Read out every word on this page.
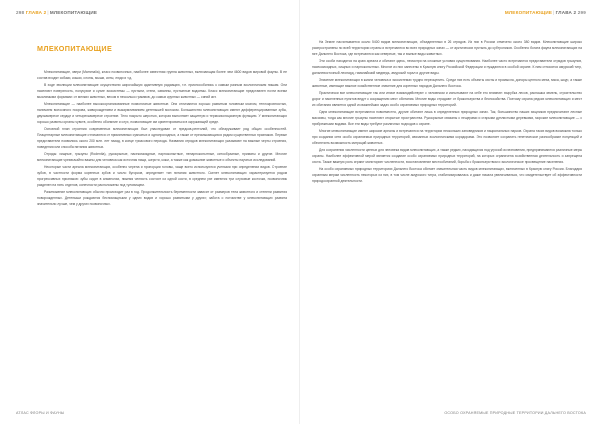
298 ГЛАВА 2|МЛЕКОПИТАЮЩИЕ
МЛЕКОПИТАЮЩИЕ

Млекопитающие, звери (Mammalia), класс позвоночных, наиболее известная группа животных, включающая более чем 4600 видов мировой фауны. В ее состав входят собаки, кошки, слоны, мыши, киты, люди и т.д.

В ходе эволюции млекопитающие осуществили широчайшую адаптивную радиацию, т.е. приспособились к самым разным экологическим нишам. Они населяют поверхность, полусухие и сухие экосистемы — пустыни, степи, саванны, пустынные водоемы. Класс млекопитающие представлен почти всеми мыслимыми формами: от мелких животных, весом в несколько граммов, до самых крупных животных — синий кит.

Млекопитающие — наиболее высокоорганизованные позвоночные животные. Они отличаются хорошо развитым головным мозгом, теплокровностью, наличием волосяного покрова, живорождением и выкармливанием детенышей молоком. Большинство млекопитающих имеют дифференцированные зубы, двухкамерное сердце и четырехкамерное строение. Тело покрыто шерстью, которая выполняет защитную и термоизоляционную функцию. У млекопитающих хорошо развиты органы чувств, особенно обоняние и слух, позволяющие им ориентироваться в окружающей среде.

Основной план строения современных млекопитающих был унаследован от предков-рептилий, что обнаруживает ряд общих особенностей. Плацентарные млекопитающие отличаются от примитивных сумчатых и однопроходных, а также от пресмыкающихся рядом существенных признаков. Первые представители появились около 200 млн. лет назад, в конце триасового периода. Названия отрядов млекопитающих указывают на важные черты строения, поведения или способа питания животных.

Отряды: хищные, грызуны (Rodentia), рукокрылые, насекомоядные, парнокопытные, непарнокопытные, китообразные, приматы и другие. Многие млекопитающие чрезвычайно важны для человека как источник пищи, шерсти, кожи, а также как домашние животные и объекты научных исследований.

Некоторые части ареала млекопитающих, особенно черепа и пропорции головы, чаще всего используются учеными при определении видов. Строение зубов, в частности форма коренных зубов и число бугорков, определяет тип питания животного. Скелет млекопитающих характеризуется рядом прогрессивных признаков: зубы сидят в альвеолах, нижняя челюсть состоит из одной кости, в среднем ухе имеются три слуховые косточки, позвоночник разделен на пять отделов, конечности расположены под туловищем.

Размножение млекопитающих обычно происходит раз в год. Продолжительность беременности зависит от размеров тела животного и степени развития новорожденных. Детеныши рождаются беспомощными у одних видов и хорошо развитыми у других; забота о потомстве у млекопитающих развита значительно лучше, чем у других позвоночных.

АТЛАС ФЛОРЫ И ФАУНЫ
МЛЕКОПИТАЮЩИЕ|ГЛАВА 2 299

На Земле насчитывается около 5400 видов млекопитающих, объединенных в 26 отрядов. Из них в России отмечено около 380 видов. Млекопитающие широко распространены по всей территории страны и встречаются во всех природных зонах — от арктических пустынь до субтропиков. Особенно богата фауна млекопитающих на юге Дальнего Востока, где встречаются как северные, так и южные виды животных.

Эти особи находятся на краю ареала и обитают здесь, несмотря на сложные условия существования. Наиболее часто встречаются представители отрядов грызунов, насекомоядных, хищных и парнокопытных. Многие из них занесены в Красную книгу Российской Федерации и нуждаются в особой охране. К ним относятся амурский тигр, дальневосточный леопард, гималайский медведь, амурский горал и другие виды.

Значение млекопитающих в жизни человека и экосистемах трудно переоценить. Среди них есть объекты охоты и промысла, доноры ценного меха, мяса, шкур, а также животные, имеющие важное хозяйственное значение для коренных народов Дальнего Востока.

Практически все млекопитающие так или иначе взаимодействуют с человеком и испытывают на себе его влияние: вырубка лесов, распашка земель, строительство дорог и населенных пунктов ведут к сокращению мест обитания. Многие виды страдают от браконьерства и беспокойства. Поэтому охрана редких млекопитающих и мест их обитания является одной из важнейших задач особо охраняемых природных территорий.

Одни млекопитающие встречаются повсеместно, другие обитают лишь в определенных природных зонах. Так, большинство наших хищников предпочитают лесные массивы, тогда как многие грызуны населяют открытые пространства. Рукокрылые связаны с пещерами и старыми дуплистыми деревьями, морские млекопитающие — с прибрежными водами. Все эти виды требуют различных подходов к охране.

Многие млекопитающие имеют широкие ареалы и встречаются на территории нескольких заповедников и национальных парков. Охрана таких видов возможна только при создании сети особо охраняемых природных территорий, связанных экологическими коридорами. Это позволяет сохранить генетическое разнообразие популяций и обеспечить возможность миграций животных.

Для сохранения численности ценных для человека видов млекопитающих, а также редких, находящихся под угрозой исчезновения, предпринимаются различные меры охраны. Наиболее эффективной мерой является создание особо охраняемых природных территорий, на которых ограничена хозяйственная деятельность и запрещена охота. Также важную роль играют мониторинг численности, восстановление местообитаний, борьба с браконьерством и экологическое просвещение населения.

На особо охраняемых природных территориях Дальнего Востока обитает значительная часть видов млекопитающих, включенных в Красную книгу России. Благодаря охранным мерам численность некоторых из них, в том числе амурского тигра, стабилизировалась и даже начала увеличиваться, что свидетельствует об эффективности природоохранной деятельности.

ОСОБО ОХРАНЯЕМЫЕ ПРИРОДНЫЕ ТЕРРИТОРИИ ДАЛЬНЕГО ВОСТОКА
